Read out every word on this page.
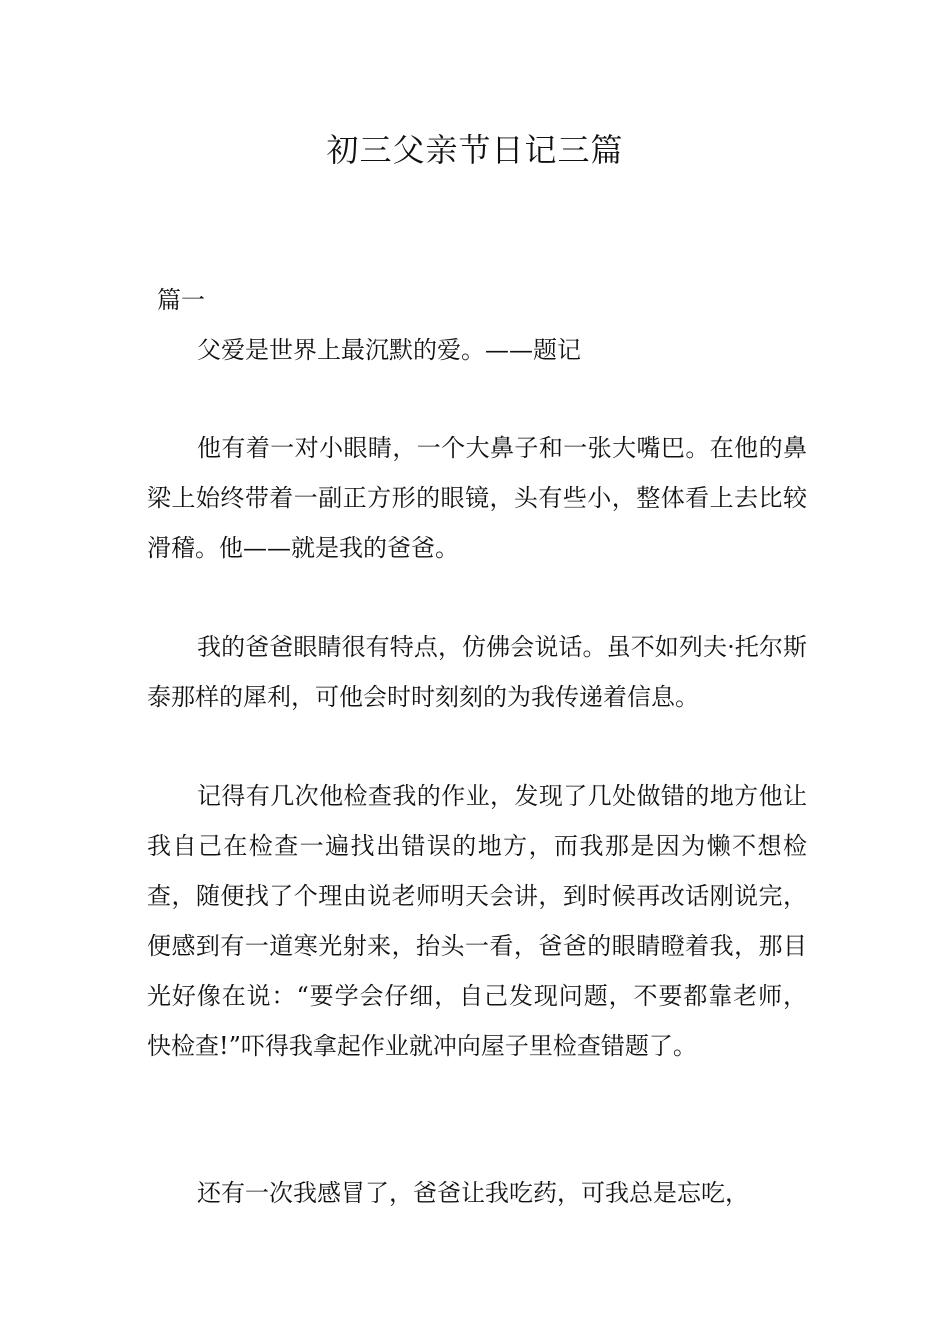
初三父亲节日记三篇

篇一

父爱是世界上最沉默的爱。——题记

他有着一对小眼睛，一个大鼻子和一张大嘴巴。在他的鼻梁上始终带着一副正方形的眼镜，头有些小，整体看上去比较滑稽。他——就是我的爸爸。

我的爸爸眼睛很有特点，仿佛会说话。虽不如列夫·托尔斯泰那样的犀利，可他会时时刻刻的为我传递着信息。

记得有几次他检查我的作业，发现了几处做错的地方他让我自己在检查一遍找出错误的地方，而我那是因为懒不想检查，随便找了个理由说老师明天会讲，到时候再改话刚说完，便感到有一道寒光射来，抬头一看，爸爸的眼睛瞪着我，那目光好像在说：“要学会仔细，自己发现问题，不要都靠老师，快检查!”吓得我拿起作业就冲向屋子里检查错题了。

还有一次我感冒了，爸爸让我吃药，可我总是忘吃，
